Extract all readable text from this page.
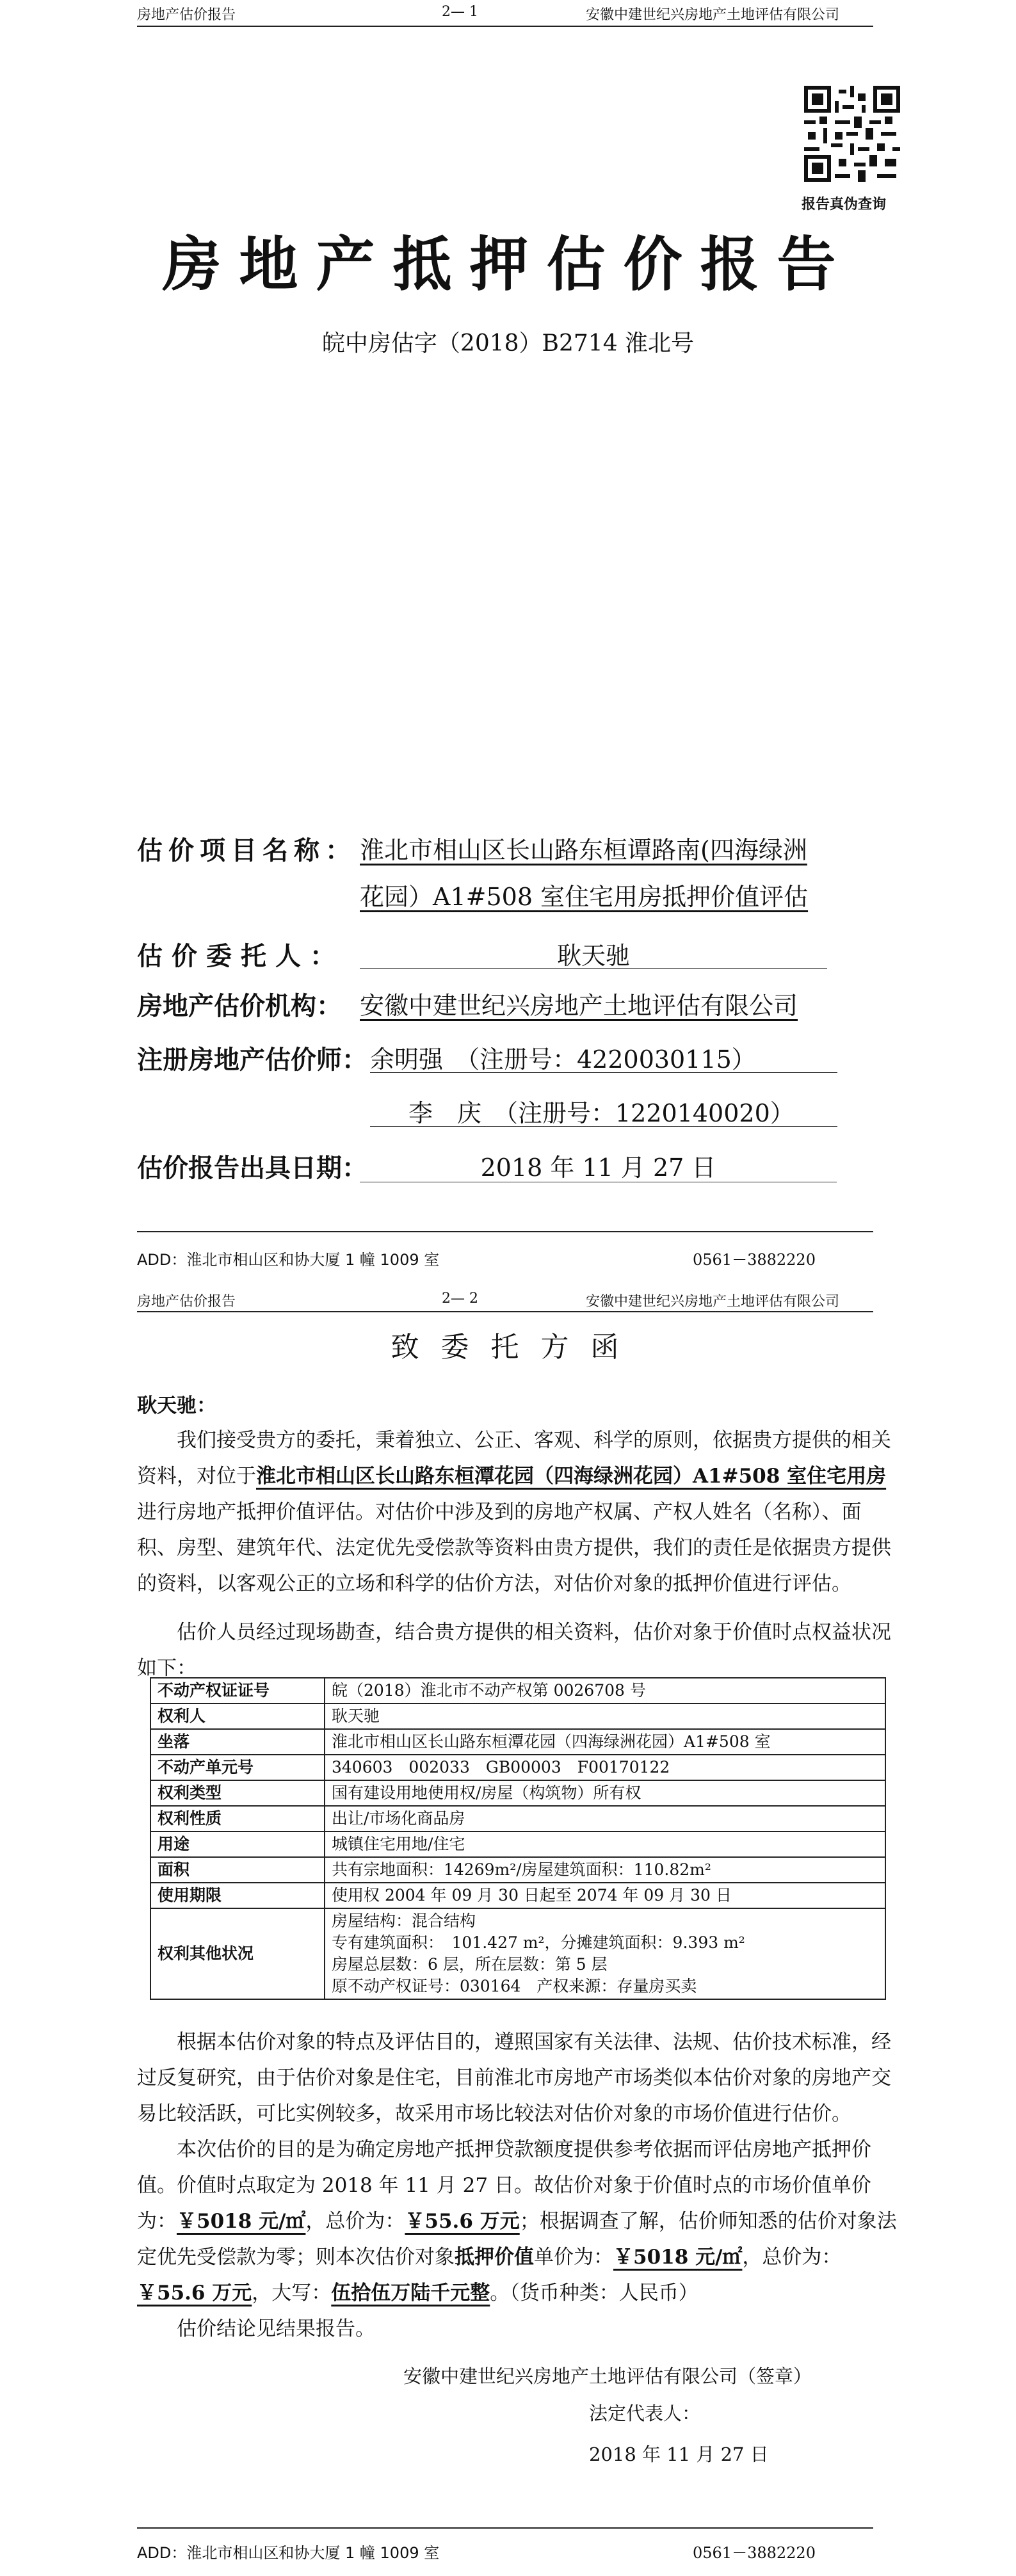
房地产估价报告	2— 1	安徽中建世纪兴房地产土地评估有限公司
报告真伪查询
房地产抵押估价报告
皖中房估字（2018）B2714 淮北号
估价项目名称： 淮北市相山区长山路东桓谭路南(四海绿洲
花园）A1#508 室住宅用房抵押价值评估
估价委托人：	耿天驰
房地产估价机构： 安徽中建世纪兴房地产土地评估有限公司
注册房地产估价师： 余明强　（注册号：4220030115）
李　庆　（注册号：1220140020）
估价报告出具日期：	2018 年 11 月 27 日
ADD：淮北市相山区和协大厦 1 幢 1009 室	0561－3882220
房地产估价报告	2— 2	安徽中建世纪兴房地产土地评估有限公司
致 委 托 方 函
耿天驰：

我们接受贵方的委托，秉着独立、公正、客观、科学的原则，依据贵方提供的相关资料，对位于淮北市相山区长山路东桓潭花园（四海绿洲花园）A1#508 室住宅用房进行房地产抵押价值评估。对估价中涉及到的房地产权属、产权人姓名（名称）、面积、房型、建筑年代、法定优先受偿款等资料由贵方提供，我们的责任是依据贵方提供的资料，以客观公正的立场和科学的估价方法，对估价对象的抵押价值进行评估。

估价人员经过现场勘查，结合贵方提供的相关资料，估价对象于价值时点权益状况如下：

不动产权证证号	皖（2018）淮北市不动产权第 0026708 号

权利人	耿天驰

坐落	淮北市相山区长山路东桓潭花园（四海绿洲花园）A1#508 室

不动产单元号	340603　002033　GB00003　F00170122

权利类型	国有建设用地使用权/房屋（构筑物）所有权

权利性质	出让/市场化商品房

用途	城镇住宅用地/住宅

面积	共有宗地面积：14269m²/房屋建筑面积：110.82m²

使用期限	使用权 2004 年 09 月 30 日起至 2074 年 09 月 30 日

权利其他状况	房屋结构：混合结构
专有建筑面积：　101.427 m²，分摊建筑面积：9.393 m²
房屋总层数：6 层，所在层数：第 5 层
原不动产权证号：030164　产权来源：存量房买卖

根据本估价对象的特点及评估目的，遵照国家有关法律、法规、估价技术标准，经过反复研究，由于估价对象是住宅，目前淮北市房地产市场类似本估价对象的房地产交易比较活跃，可比实例较多，故采用市场比较法对估价对象的市场价值进行估价。

本次估价的目的是为确定房地产抵押贷款额度提供参考依据而评估房地产抵押价值。价值时点取定为 2018 年 11 月 27 日。故估价对象于价值时点的市场价值单价为：￥5018 元/㎡，总价为：￥55.6 万元；根据调查了解，估价师知悉的估价对象法定优先受偿款为零；则本次估价对象抵押价值单价为：￥5018 元/㎡，总价为：￥55.6 万元，大写：伍拾伍万陆千元整。（货币种类：人民币）

估价结论见结果报告。

安徽中建世纪兴房地产土地评估有限公司（签章）
法定代表人：
2018 年 11 月 27 日
ADD：淮北市相山区和协大厦 1 幢 1009 室	0561－3882220
